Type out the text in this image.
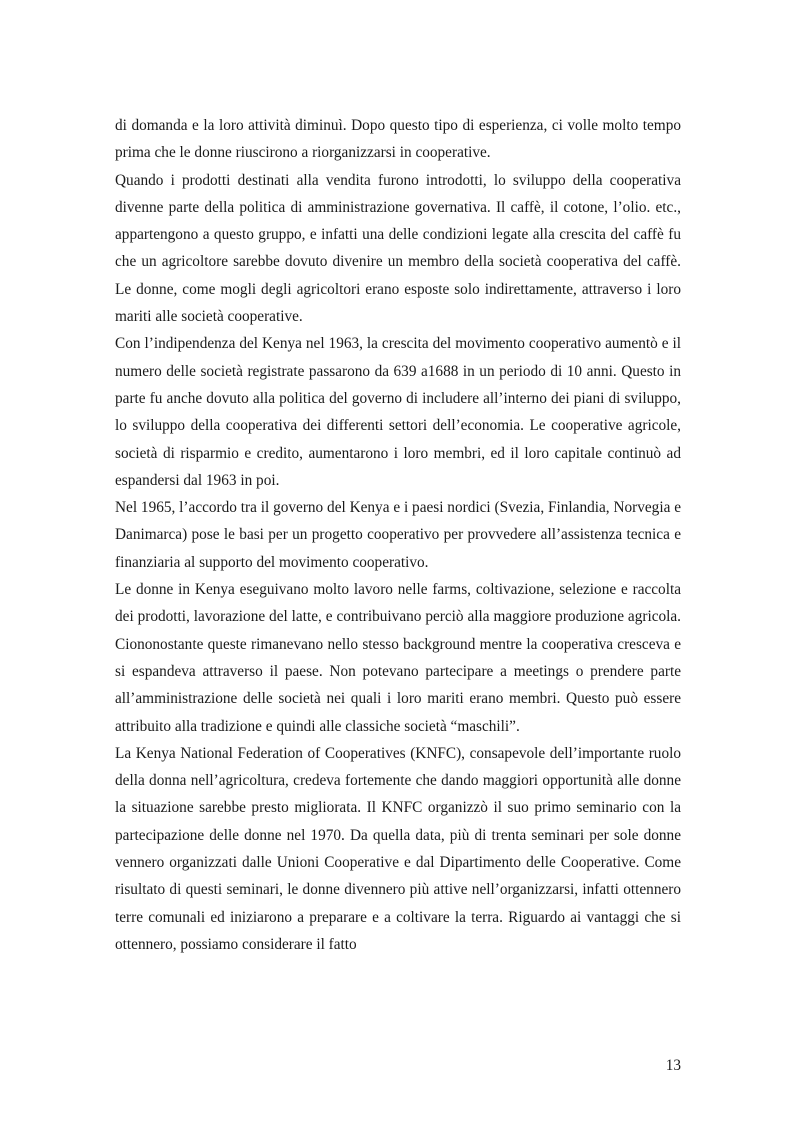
di domanda e la loro attività diminuì. Dopo questo tipo di esperienza, ci volle molto tempo prima che le donne riuscirono a riorganizzarsi in cooperative.

Quando i prodotti destinati alla vendita furono introdotti, lo sviluppo della cooperativa divenne parte della politica di amministrazione governativa. Il caffè, il cotone, l’olio. etc., appartengono a questo gruppo, e infatti una delle condizioni legate alla crescita del caffè fu che un agricoltore sarebbe dovuto divenire un membro della società cooperativa del caffè. Le donne, come mogli degli agricoltori erano esposte solo indirettamente, attraverso i loro mariti alle società cooperative.

Con l’indipendenza del Kenya nel 1963, la crescita del movimento cooperativo aumentò e il numero delle società registrate passarono da 639 a1688 in un periodo di 10 anni. Questo in parte fu anche dovuto alla politica del governo di includere all’interno dei piani di sviluppo, lo sviluppo della cooperativa dei differenti settori dell’economia. Le cooperative agricole, società di risparmio e credito, aumentarono i loro membri, ed il loro capitale continuò ad espandersi dal 1963 in poi.

Nel 1965, l’accordo tra il governo del Kenya e i paesi nordici (Svezia, Finlandia, Norvegia e Danimarca) pose le basi per un progetto cooperativo per provvedere all’assistenza tecnica e finanziaria al supporto del movimento cooperativo.

Le donne in Kenya eseguivano molto lavoro nelle farms, coltivazione, selezione e raccolta dei prodotti, lavorazione del latte, e contribuivano perciò alla maggiore produzione agricola. Ciononostante queste rimanevano nello stesso background mentre la cooperativa cresceva e si espandeva attraverso il paese. Non potevano partecipare a meetings o prendere parte all’amministrazione delle società nei quali i loro mariti erano membri. Questo può essere attribuito alla tradizione e quindi alle classiche società “maschili”.

La Kenya National Federation of Cooperatives (KNFC), consapevole dell’importante ruolo della donna nell’agricoltura, credeva fortemente che dando maggiori opportunità alle donne la situazione sarebbe presto migliorata. Il KNFC organizzò il suo primo seminario con la partecipazione delle donne nel 1970. Da quella data, più di trenta seminari per sole donne vennero organizzati dalle Unioni Cooperative e dal Dipartimento delle Cooperative. Come risultato di questi seminari, le donne divennero più attive nell’organizzarsi, infatti ottennero terre comunali ed iniziarono a preparare e a coltivare la terra. Riguardo ai vantaggi che si ottennero, possiamo considerare il fatto

13
